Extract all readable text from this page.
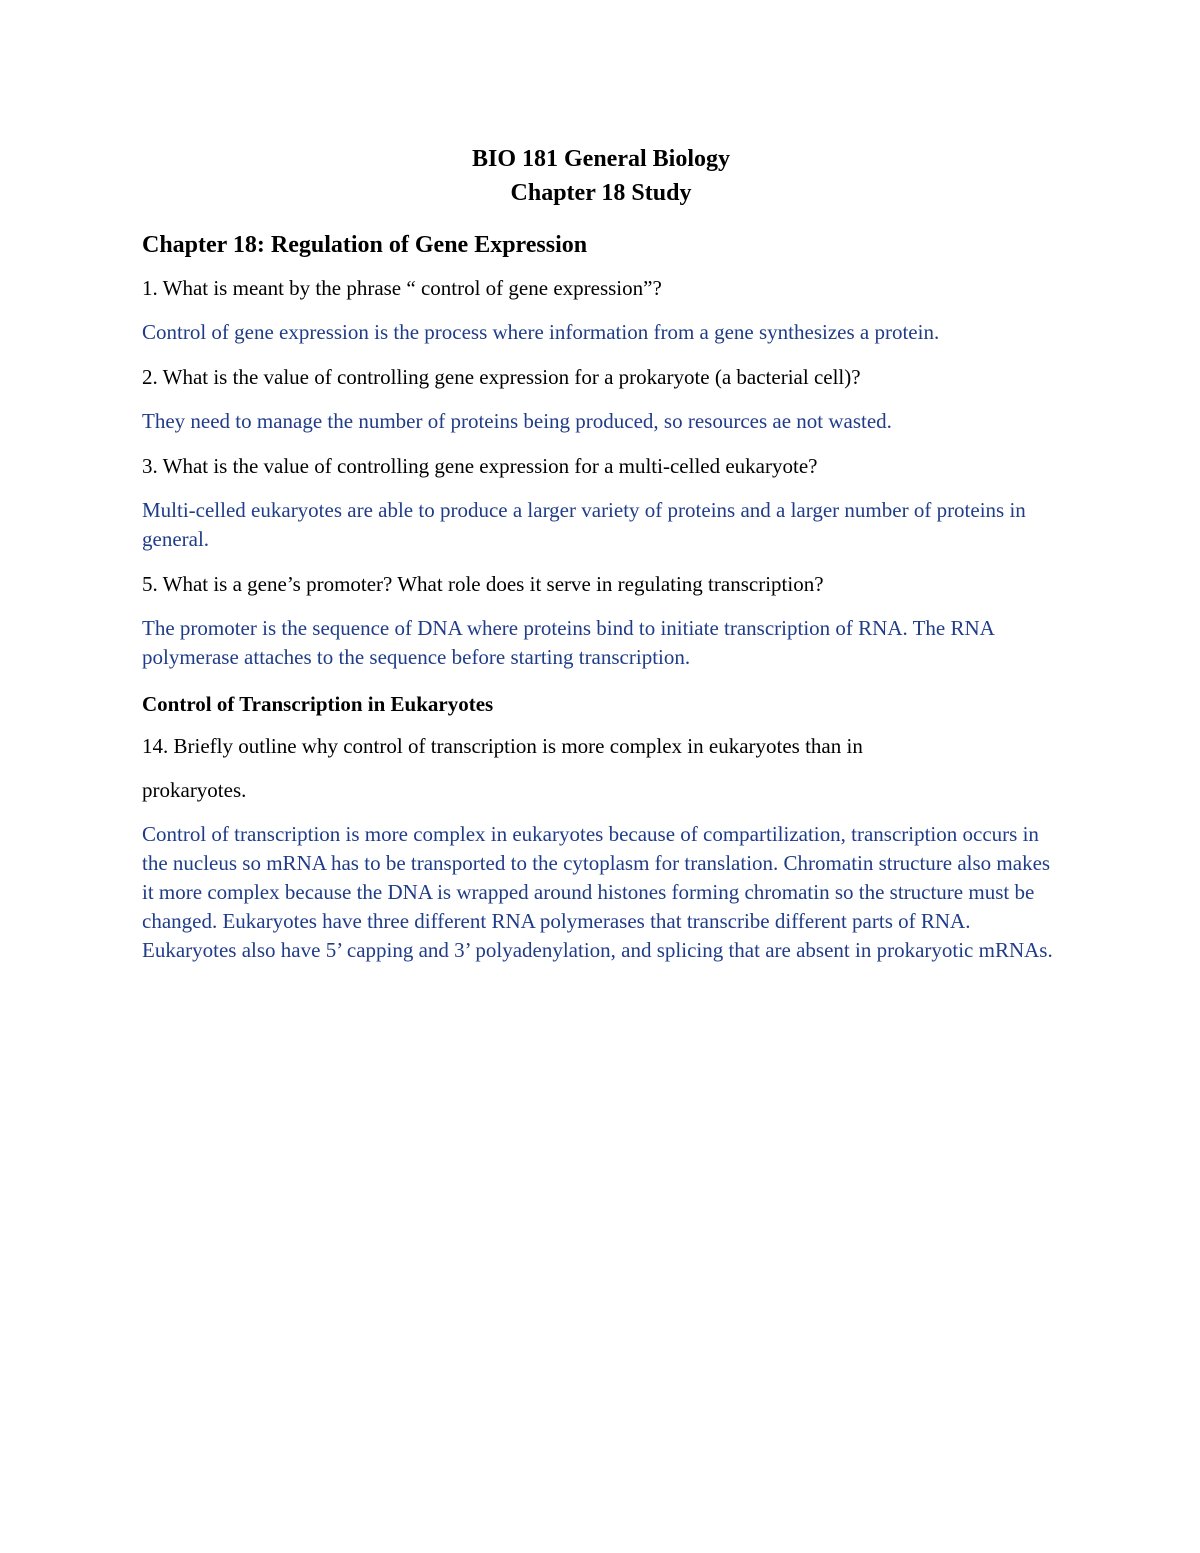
BIO 181 General Biology

Chapter 18 Study

Chapter 18: Regulation of Gene Expression

1. What is meant by the phrase “ control of gene expression”?

Control of gene expression is the process where information from a gene synthesizes a protein.

2. What is the value of controlling gene expression for a prokaryote (a bacterial cell)?

They need to manage the number of proteins being produced, so resources ae not wasted.

3. What is the value of controlling gene expression for a multi-celled eukaryote?

Multi-celled eukaryotes are able to produce a larger variety of proteins and a larger number of proteins in general.

5. What is a gene’s promoter? What role does it serve in regulating transcription?

The promoter is the sequence of DNA where proteins bind to initiate transcription of RNA. The RNA polymerase attaches to the sequence before starting transcription.

Control of Transcription in Eukaryotes

14. Briefly outline why control of transcription is more complex in eukaryotes than in

prokaryotes.

Control of transcription is more complex in eukaryotes because of compartilization, transcription occurs in the nucleus so mRNA has to be transported to the cytoplasm for translation. Chromatin structure also makes it more complex because the DNA is wrapped around histones forming chromatin so the structure must be changed. Eukaryotes have three different RNA polymerases that transcribe different parts of RNA. Eukaryotes also have 5’ capping and 3’ polyadenylation, and splicing that are absent in prokaryotic mRNAs.
